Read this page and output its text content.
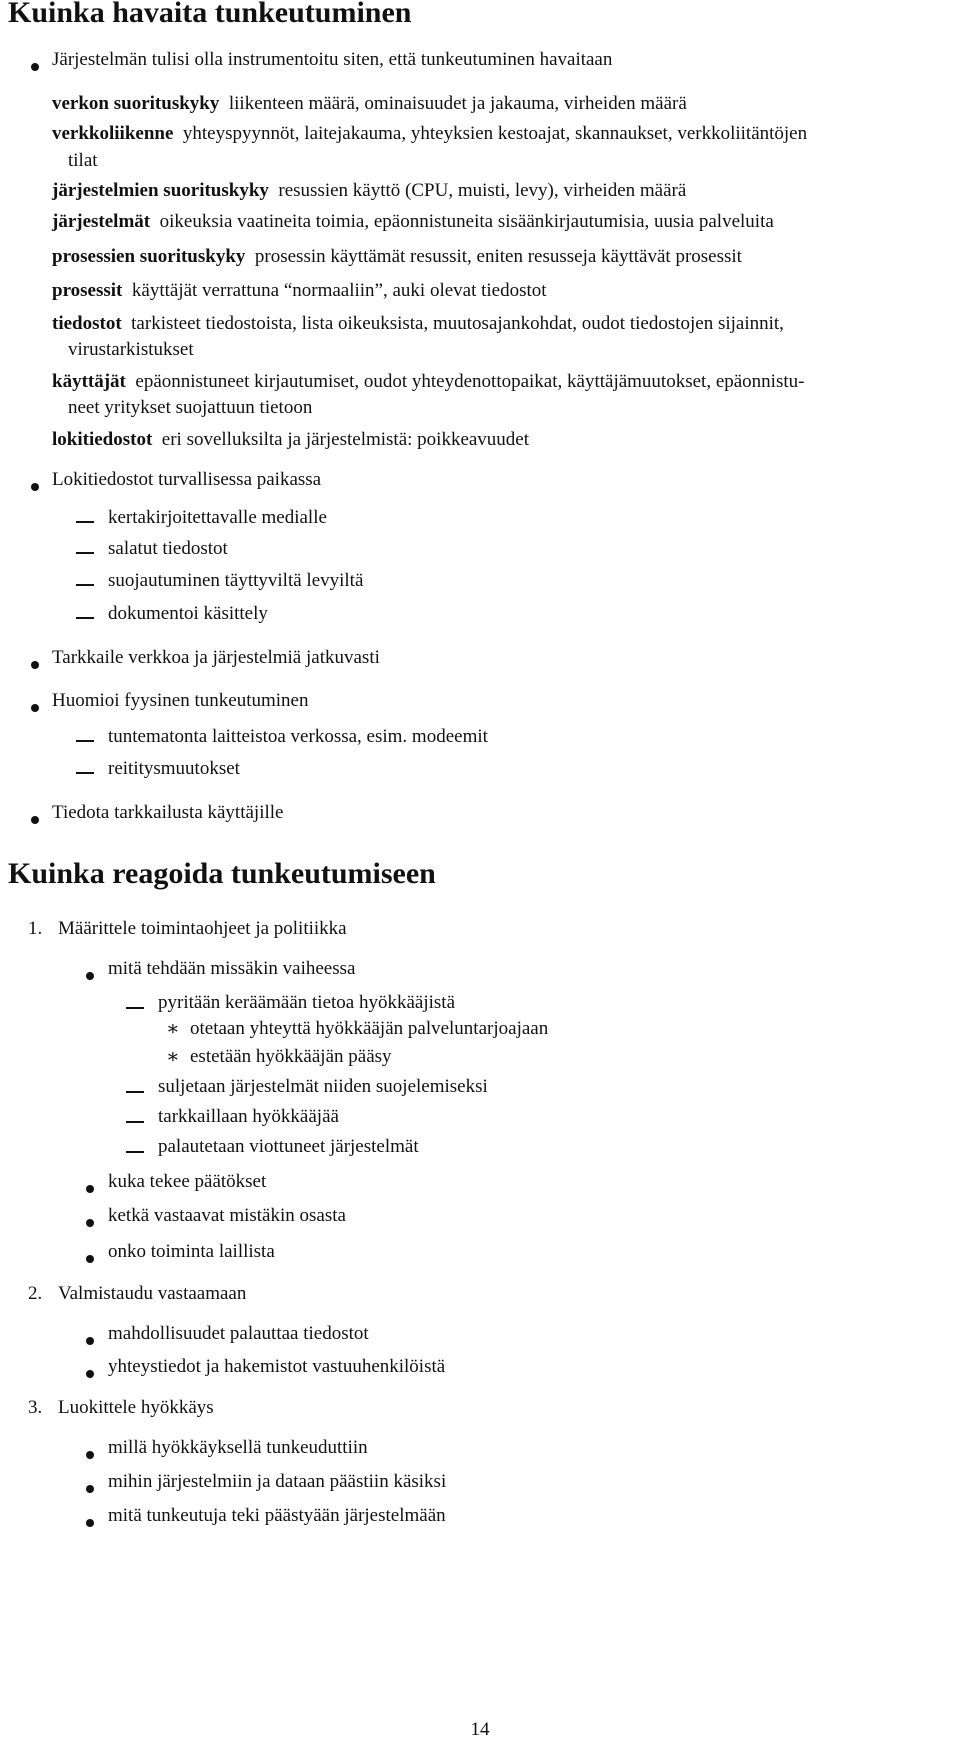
Kuinka havaita tunkeutuminen
Järjestelmän tulisi olla instrumentoitu siten, että tunkeutuminen havaitaan
verkon suorituskyky liikenteen määrä, ominaisuudet ja jakauma, virheiden määrä
verkkoliikenne yhteyspyynnöt, laitejakauma, yhteyksien kestoajat, skannaukset, verkkoliitäntöjen
tilat
järjestelmien suorituskyky resussien käyttö (CPU, muisti, levy), virheiden määrä
järjestelmät oikeuksia vaatineita toimia, epäonnistuneita sisäänkirjautumisia, uusia palveluita
prosessien suorituskyky prosessin käyttämät resussit, eniten resusseja käyttävät prosessit
prosessit käyttäjät verrattuna “normaaliin”, auki olevat tiedostot
tiedostot tarkisteet tiedostoista, lista oikeuksista, muutosajankohdat, oudot tiedostojen sijainnit,
virustarkistukset
käyttäjät epäonnistuneet kirjautumiset, oudot yhteydenottopaikat, käyttäjämuutokset, epäonnistu-
neet yritykset suojattuun tietoon
lokitiedostot eri sovelluksilta ja järjestelmistä: poikkeavuudet
Lokitiedostot turvallisessa paikassa
kertakirjoitettavalle medialle
salatut tiedostot
suojautuminen täyttyviltä levyiltä
dokumentoi käsittely
Tarkkaile verkkoa ja järjestelmiä jatkuvasti
Huomioi fyysinen tunkeutuminen
tuntematonta laitteistoa verkossa, esim. modeemit
reititysmuutokset
Tiedota tarkkailusta käyttäjille
Kuinka reagoida tunkeutumiseen
1. Määrittele toimintaohjeet ja politiikka
mitä tehdään missäkin vaiheessa
pyritään keräämään tietoa hyökkääjistä
∗ otetaan yhteyttä hyökkääjän palveluntarjoajaan
∗ estetään hyökkääjän pääsy
suljetaan järjestelmät niiden suojelemiseksi
tarkkaillaan hyökkääjää
palautetaan viottuneet järjestelmät
kuka tekee päätökset
ketkä vastaavat mistäkin osasta
onko toiminta laillista
2. Valmistaudu vastaamaan
mahdollisuudet palauttaa tiedostot
yhteystiedot ja hakemistot vastuuhenkilöistä
3. Luokittele hyökkäys
millä hyökkäyksellä tunkeuduttiin
mihin järjestelmiin ja dataan päästiin käsiksi
mitä tunkeutuja teki päästyään järjestelmään
14
